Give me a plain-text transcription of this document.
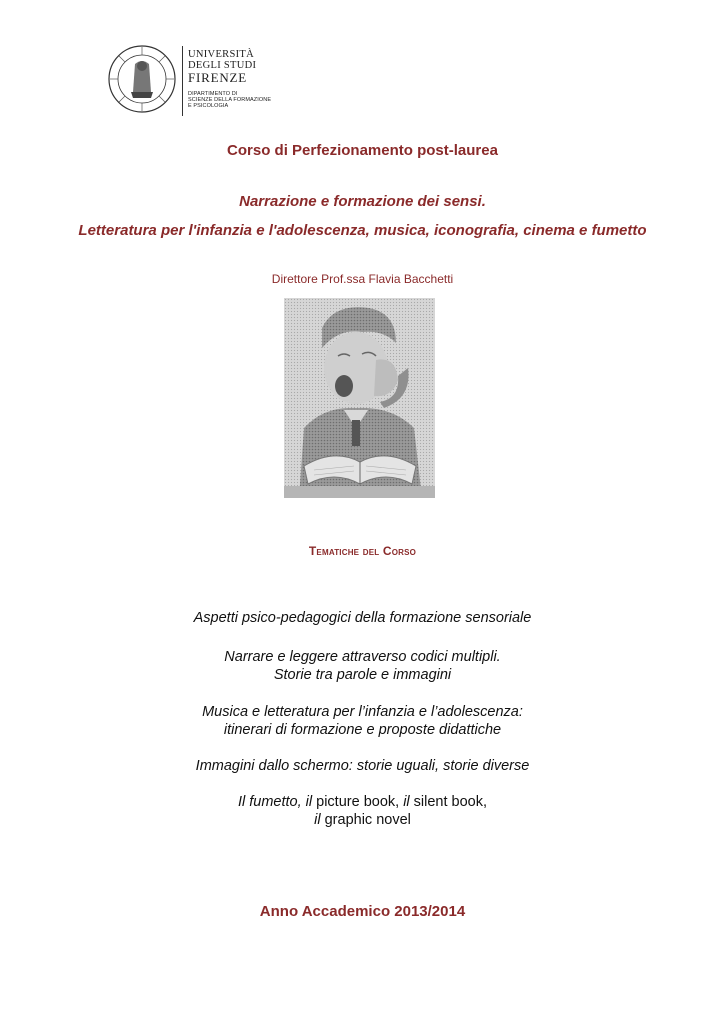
UNIVERSITÀ
DEGLI STUDI
FIRENZE
DIPARTIMENTO DI
SCIENZE DELLA FORMAZIONE
E PSICOLOGIA
Corso di Perfezionamento post-laurea
Narrazione e formazione dei sensi.
Letteratura per l'infanzia e l'adolescenza, musica, iconografia, cinema e fumetto
Direttore Prof.ssa Flavia Bacchetti
Tematiche del Corso
Aspetti psico-pedagogici della formazione sensoriale
Narrare e leggere attraverso codici multipli.
Storie tra parole e immagini
Musica e letteratura per l’infanzia e l’adolescenza:
itinerari di formazione e proposte didattiche
Immagini dallo schermo: storie uguali, storie diverse
Il fumetto, il picture book, il silent book,
il graphic novel
Anno Accademico 2013/2014
